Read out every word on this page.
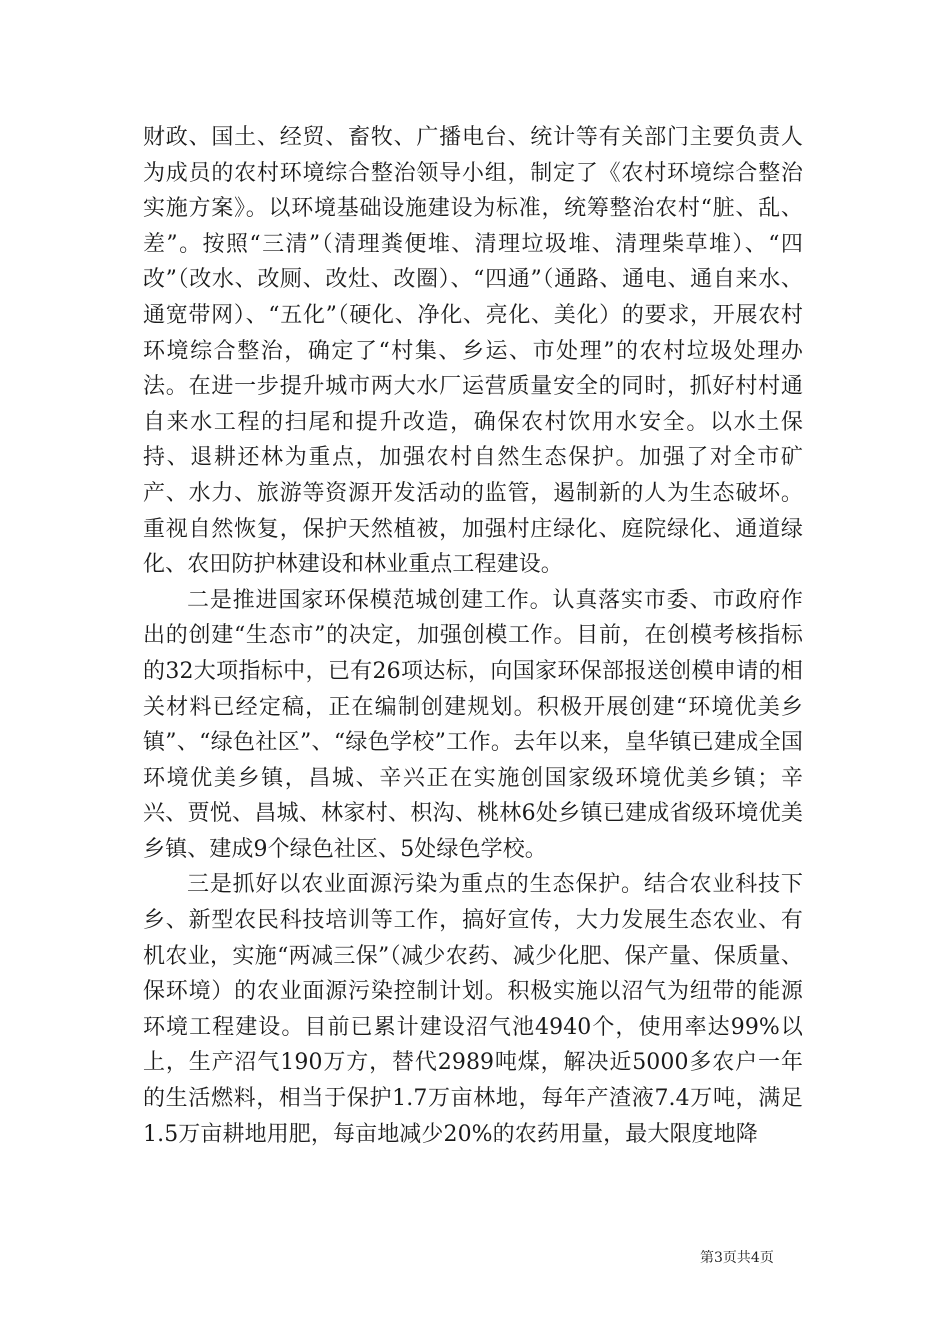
财政、国土、经贸、畜牧、广播电台、统计等有关部门主要负责人为成员的农村环境综合整治领导小组，制定了《农村环境综合整治实施方案》。以环境基础设施建设为标准，统筹整治农村“脏、乱、差”。按照“三清”（清理粪便堆、清理垃圾堆、清理柴草堆）、“四改”（改水、改厕、改灶、改圈）、“四通”（通路、通电、通自来水、通宽带网）、“五化”（硬化、净化、亮化、美化）的要求，开展农村环境综合整治，确定了“村集、乡运、市处理”的农村垃圾处理办法。在进一步提升城市两大水厂运营质量安全的同时，抓好村村通自来水工程的扫尾和提升改造，确保农村饮用水安全。以水土保持、退耕还林为重点，加强农村自然生态保护。加强了对全市矿产、水力、旅游等资源开发活动的监管，遏制新的人为生态破坏。重视自然恢复，保护天然植被，加强村庄绿化、庭院绿化、通道绿化、农田防护林建设和林业重点工程建设。

二是推进国家环保模范城创建工作。认真落实市委、市政府作出的创建“生态市”的决定，加强创模工作。目前，在创模考核指标的32大项指标中，已有26项达标，向国家环保部报送创模申请的相关材料已经定稿，正在编制创建规划。积极开展创建“环境优美乡镇”、“绿色社区”、“绿色学校”工作。去年以来，皇华镇已建成全国环境优美乡镇，昌城、辛兴正在实施创国家级环境优美乡镇；辛兴、贾悦、昌城、林家村、枳沟、桃林6处乡镇已建成省级环境优美乡镇、建成9个绿色社区、5处绿色学校。

三是抓好以农业面源污染为重点的生态保护。结合农业科技下乡、新型农民科技培训等工作，搞好宣传，大力发展生态农业、有机农业，实施“两减三保”（减少农药、减少化肥、保产量、保质量、保环境）的农业面源污染控制计划。积极实施以沼气为纽带的能源环境工程建设。目前已累计建设沼气池4940个，使用率达99%以上，生产沼气190万方，替代2989吨煤，解决近5000多农户一年的生活燃料，相当于保护1.7万亩林地，每年产渣液7.4万吨，满足1.5万亩耕地用肥，每亩地减少20%的农药用量，最大限度地降

第3页共4页
